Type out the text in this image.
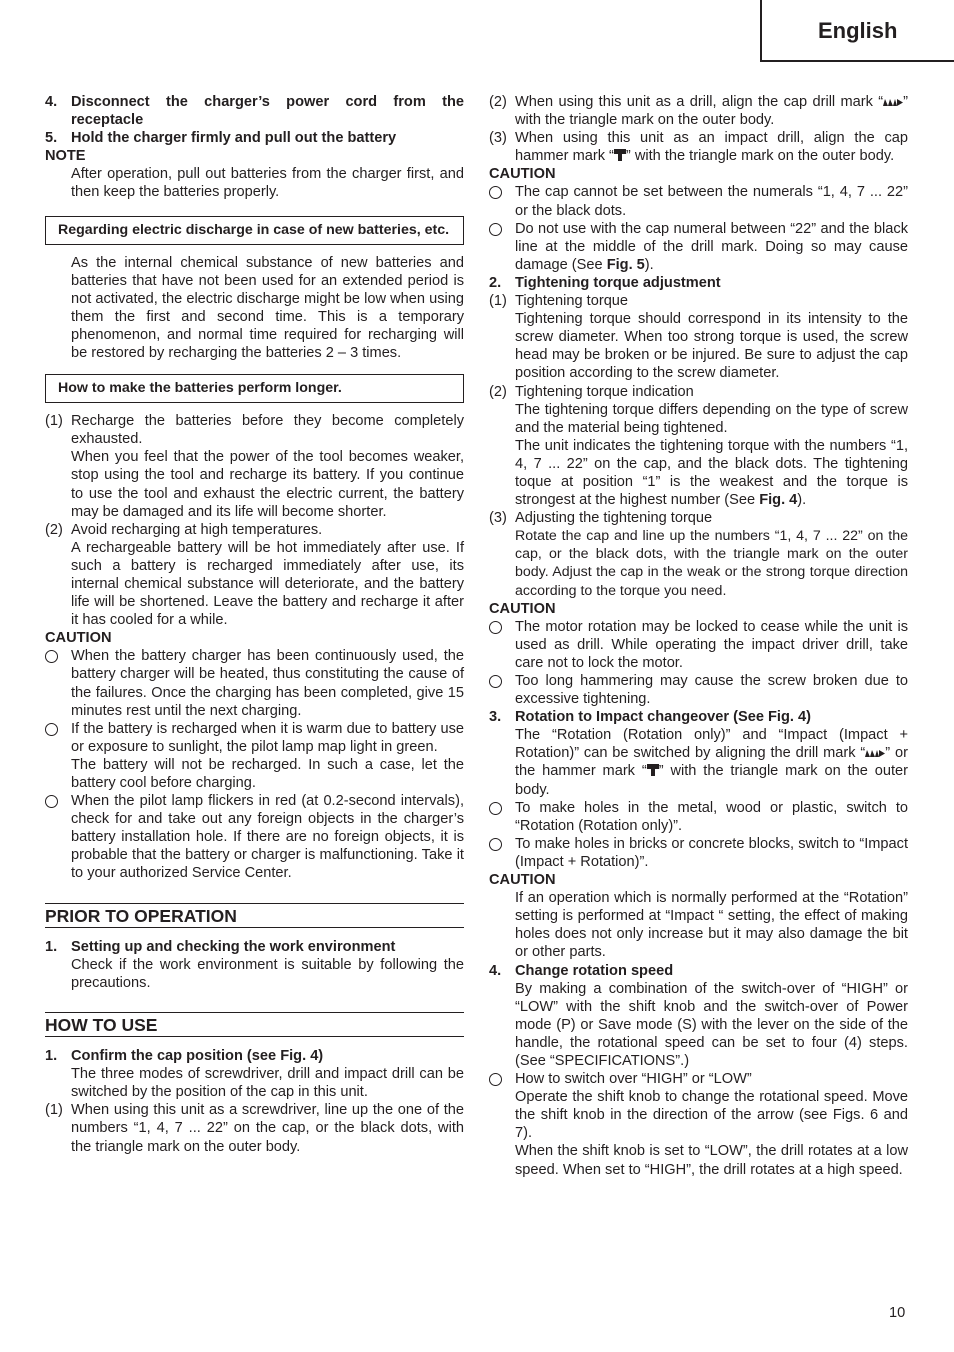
English
4. Disconnect the charger’s power cord from the receptacle
5. Hold the charger firmly and pull out the battery
NOTE
After operation, pull out batteries from the charger first, and then keep the batteries properly.
Regarding electric discharge in case of new batteries, etc.
As the internal chemical substance of new batteries and batteries that have not been used for an extended period is not activated, the electric discharge might be low when using them the first and second time. This is a temporary phenomenon, and normal time required for recharging will be restored by recharging the batteries 2 – 3 times.
How to make the batteries perform longer.
(1) Recharge the batteries before they become completely exhausted.
When you feel that the power of the tool becomes weaker, stop using the tool and recharge its battery. If you continue to use the tool and exhaust the electric current, the battery may be damaged and its life will become shorter.
(2) Avoid recharging at high temperatures.
A rechargeable battery will be hot immediately after use. If such a battery is recharged immediately after use, its internal chemical substance will deteriorate, and the battery life will be shortened. Leave the battery and recharge it after it has cooled for a while.
CAUTION
When the battery charger has been continuously used, the battery charger will be heated, thus constituting the cause of the failures. Once the charging has been completed, give 15 minutes rest until the next charging.
If the battery is recharged when it is warm due to battery use or exposure to sunlight, the pilot lamp map light in green.
The battery will not be recharged. In such a case, let the battery cool before charging.
When the pilot lamp flickers in red (at 0.2-second intervals), check for and take out any foreign objects in the charger’s battery installation hole. If there are no foreign objects, it is probable that the battery or charger is malfunctioning. Take it to your authorized Service Center.
PRIOR TO OPERATION
1. Setting up and checking the work environment
Check if the work environment is suitable by following the precautions.
HOW TO USE
1. Confirm the cap position (see Fig. 4)
The three modes of screwdriver, drill and impact drill can be switched by the position of the cap in this unit.
(1) When using this unit as a screwdriver, line up the one of the numbers “1, 4, 7 ... 22” on the cap, or the black dots, with the triangle mark on the outer body.
(2) When using this unit as a drill, align the cap drill mark “ ” with the triangle mark on the outer body.
(3) When using this unit as an impact drill, align the cap hammer mark “ ” with the triangle mark on the outer body.
CAUTION
The cap cannot be set between the numerals “1, 4, 7 ... 22” or the black dots.
Do not use with the cap numeral between “22” and the black line at the middle of the drill mark. Doing so may cause damage (See Fig. 5).
2. Tightening torque adjustment
(1) Tightening torque
Tightening torque should correspond in its intensity to the screw diameter. When too strong torque is used, the screw head may be broken or be injured. Be sure to adjust the cap position according to the screw diameter.
(2) Tightening torque indication
The tightening torque differs depending on the type of screw and the material being tightened.
The unit indicates the tightening torque with the numbers “1, 4, 7 ... 22” on the cap, and the black dots. The tightening toque at position “1” is the weakest and the torque is strongest at the highest number (See Fig. 4).
(3) Adjusting the tightening torque
Rotate the cap and line up the numbers “1, 4, 7 ... 22” on the cap, or the black dots, with the triangle mark on the outer body. Adjust the cap in the weak or the strong torque direction according to the torque you need.
CAUTION
The motor rotation may be locked to cease while the unit is used as drill. While operating the impact driver drill, take care not to lock the motor.
Too long hammering may cause the screw broken due to excessive tightening.
3. Rotation to Impact changeover (See Fig. 4)
The “Rotation (Rotation only)” and “Impact (Impact + Rotation)” can be switched by aligning the drill mark “ ” or the hammer mark “ ” with the triangle mark on the outer body.
To make holes in the metal, wood or plastic, switch to “Rotation (Rotation only)”.
To make holes in bricks or concrete blocks, switch to “Impact (Impact + Rotation)”.
CAUTION
If an operation which is normally performed at the “Rotation” setting is performed at “Impact “ setting, the effect of making holes does not only increase but it may also damage the bit or other parts.
4. Change rotation speed
By making a combination of the switch-over of “HIGH” or “LOW” with the shift knob and the switch-over of Power mode (P) or Save mode (S) with the lever on the side of the handle, the rotational speed can be set to four (4) steps. (See “SPECIFICATIONS”.)
How to switch over “HIGH” or “LOW”
Operate the shift knob to change the rotational speed. Move the shift knob in the direction of the arrow (see Figs. 6 and 7).
When the shift knob is set to “LOW”, the drill rotates at a low speed. When set to “HIGH”, the drill rotates at a high speed.
10
